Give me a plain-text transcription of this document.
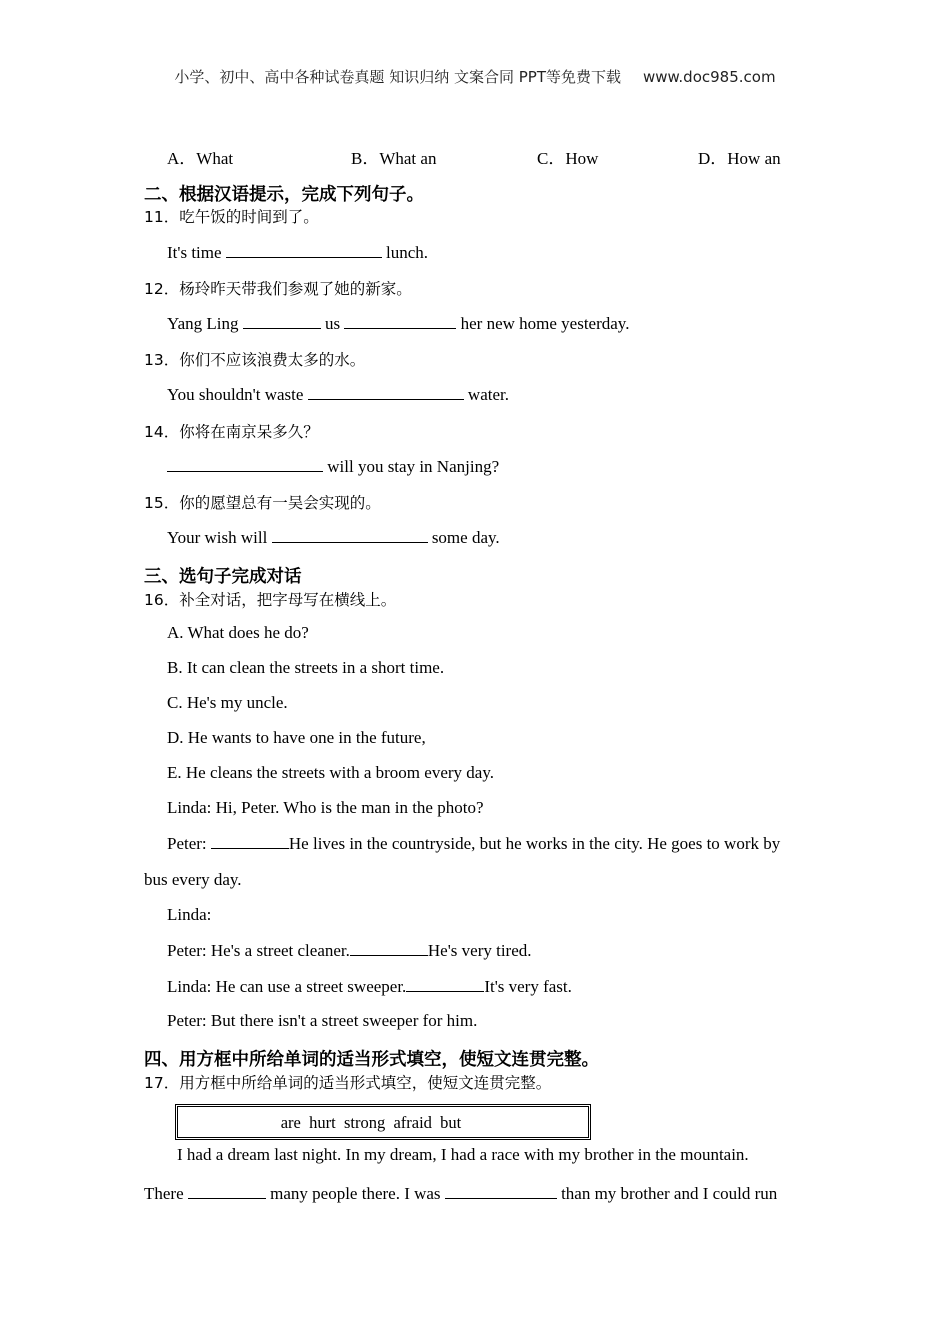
小学、初中、高中各种试卷真题 知识归纳 文案合同 PPT等免费下载 www.doc985.com
A．What	B．What an	C．How	D．How an
二、根据汉语提示，完成下列句子。
11．吃午饭的时间到了。
It's time	lunch.
12．杨玲昨天带我们参观了她的新家。
Yang Ling	us	her new home yesterday.
13．你们不应该浪费太多的水。
You shouldn't waste	water.
14．你将在南京呆多久？
will you stay in Nanjing?
15．你的愿望总有一吴会实现的。
Your wish will	some day.
三、选句子完成对话
16．补全对话，把字母写在横线上。
A. What does he do?
B. It can clean the streets in a short time.
C. He's my uncle.
D. He wants to have one in the future,
E. He cleans the streets with a broom every day.
Linda: Hi, Peter. Who is the man in the photo?
Peter:	He lives in the countryside, but he works in the city. He goes to work by
bus every day.
Linda:
Peter: He's a street cleaner.	He's very tired.
Linda: He can use a street sweeper.	It's very fast.
Peter: But there isn't a street sweeper for him.
四、用方框中所给单词的适当形式填空，使短文连贯完整。
17．用方框中所给单词的适当形式填空，使短文连贯完整。
are  hurt  strong  afraid  but
I had a dream last night. In my dream, I had a race with my brother in the mountain.
There	many people there. I was	than my brother and I could run
